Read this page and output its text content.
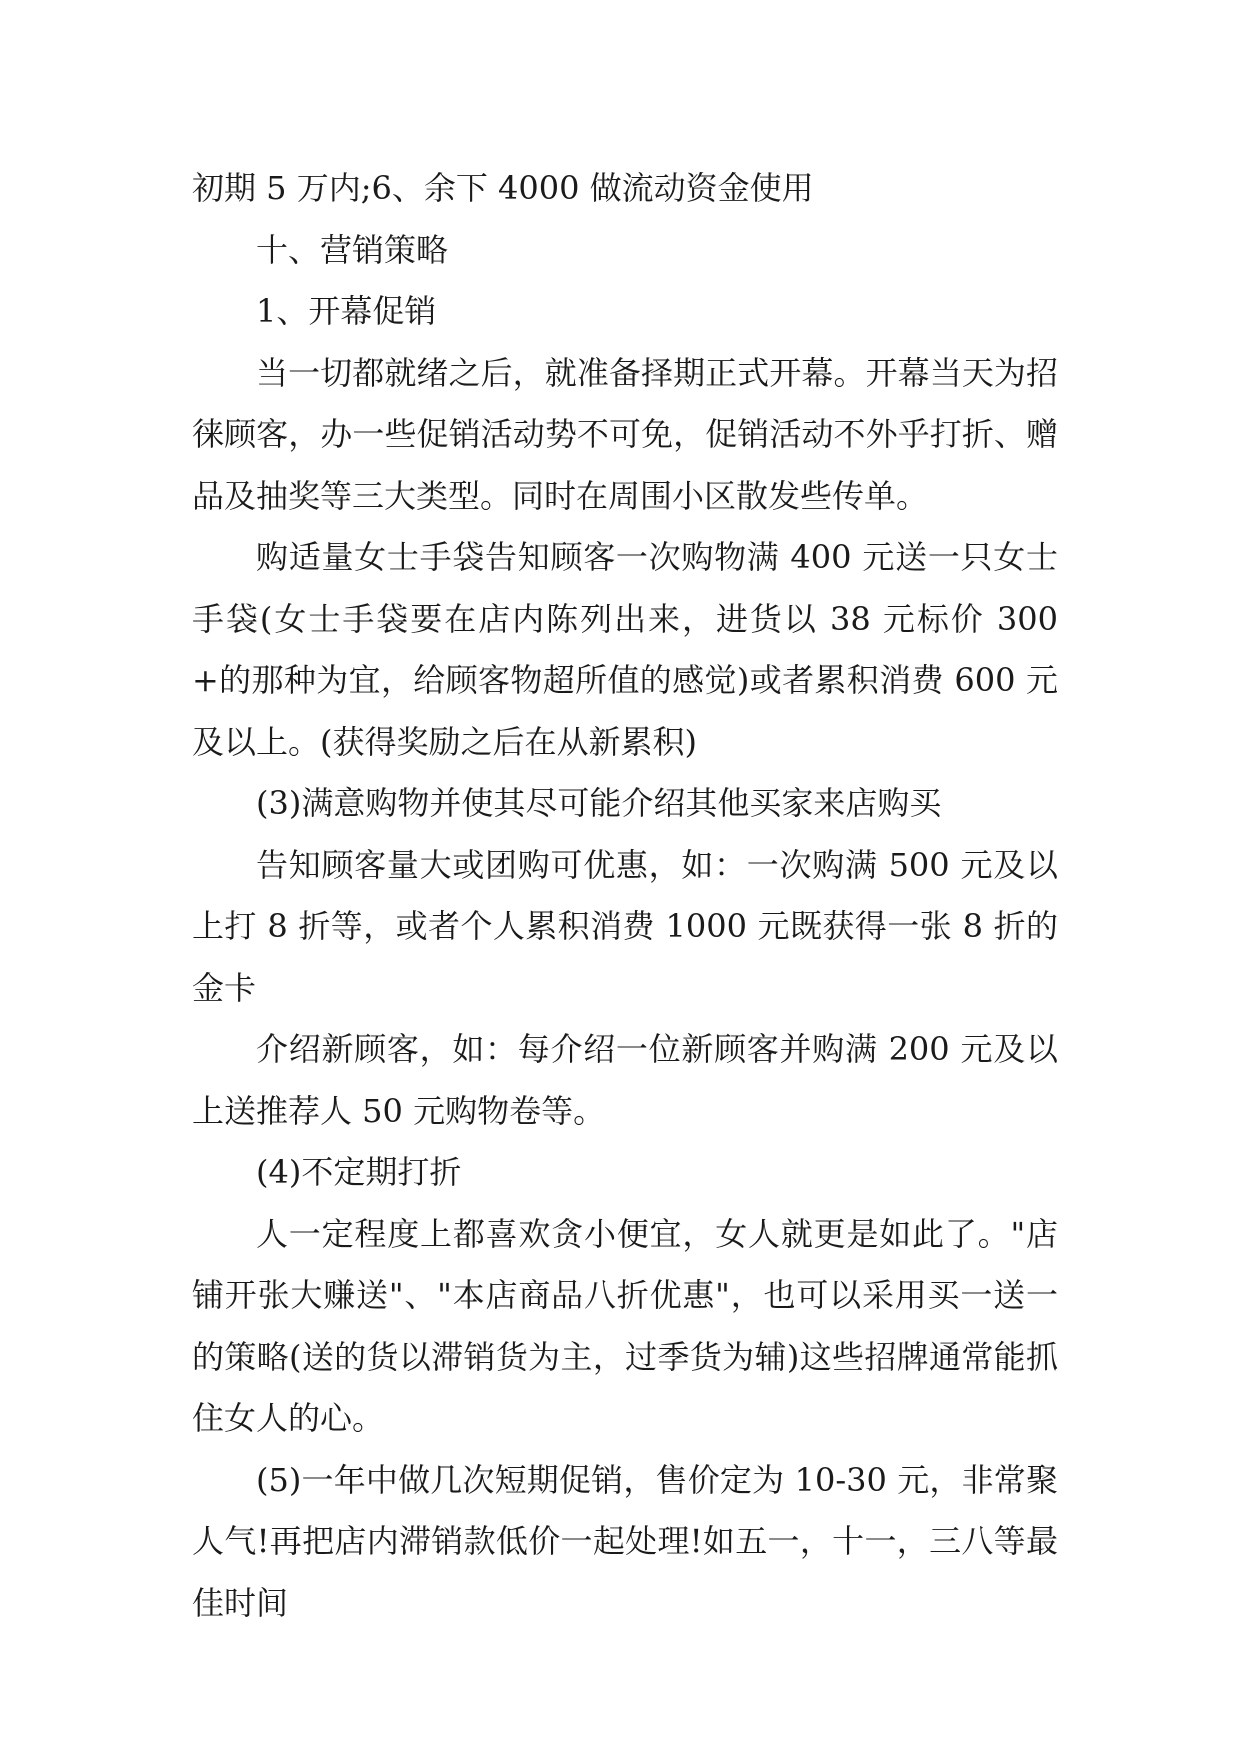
初期 5 万内;6、余下 4000 做流动资金使用

十、营销策略

1、开幕促销

当一切都就绪之后，就准备择期正式开幕。开幕当天为招徕顾客，办一些促销活动势不可免，促销活动不外乎打折、赠品及抽奖等三大类型。同时在周围小区散发些传单。

购适量女士手袋告知顾客一次购物满 400 元送一只女士手袋(女士手袋要在店内陈列出来，进货以 38 元标价 300+的那种为宜，给顾客物超所值的感觉)或者累积消费 600 元及以上。(获得奖励之后在从新累积)

(3)满意购物并使其尽可能介绍其他买家来店购买

告知顾客量大或团购可优惠，如：一次购满 500 元及以上打 8 折等，或者个人累积消费 1000 元既获得一张 8 折的金卡

介绍新顾客，如：每介绍一位新顾客并购满 200 元及以上送推荐人 50 元购物卷等。

(4)不定期打折

人一定程度上都喜欢贪小便宜，女人就更是如此了。"店铺开张大赚送"、"本店商品八折优惠"，也可以采用买一送一的策略(送的货以滞销货为主，过季货为辅)这些招牌通常能抓住女人的心。

(5)一年中做几次短期促销，售价定为 10-30 元，非常聚人气!再把店内滞销款低价一起处理!如五一，十一，三八等最佳时间
